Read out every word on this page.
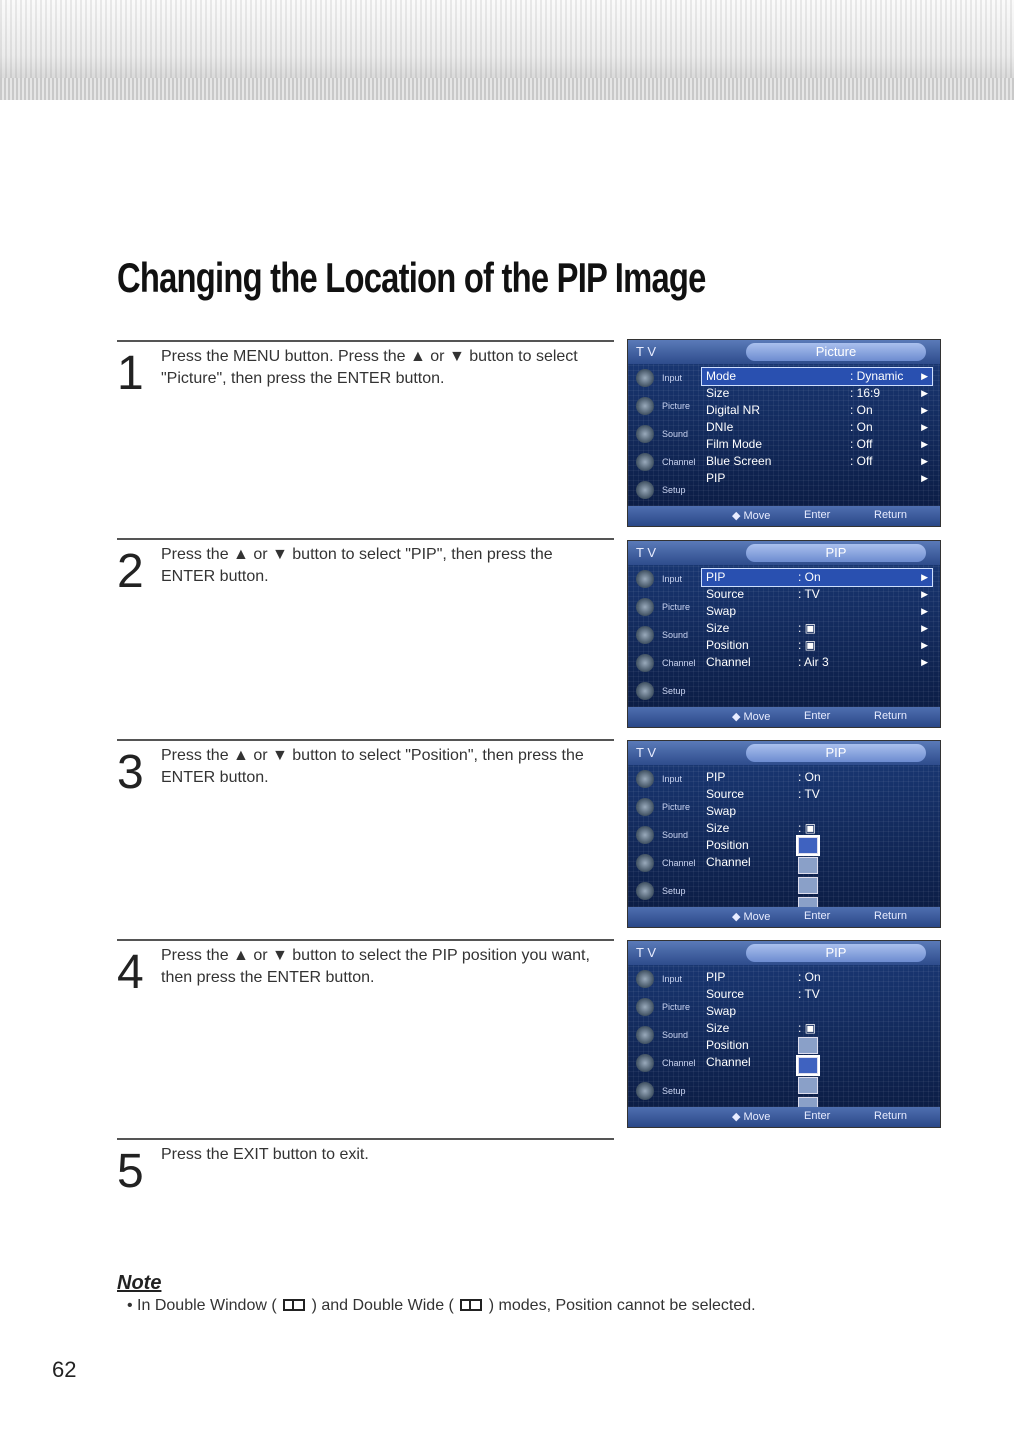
Changing the Location of the PIP Image
1 Press the MENU button. Press the ▲ or ▼ button to select "Picture", then press the ENTER button.
2 Press the ▲ or ▼ button to select "PIP", then press the ENTER button.
3 Press the ▲ or ▼ button to select "Position", then press the ENTER button.
4 Press the ▲ or ▼ button to select the PIP position you want, then press the ENTER button.
5 Press the EXIT button to exit.
T V	Picture
Input
Picture
Sound
Channel
Setup
Mode	: Dynamic ▶
Size	: 16:9	▶
Digital NR	: On	▶
DNIe	: On	▶
Film Mode	: Off	▶
Blue Screen	: Off	▶
PIP	▶
◆ Move	Enter	Return
T V	PIP
Input
Picture
Sound
Channel
Setup
PIP	: On	▶
Source	: TV	▶
Swap	▶
Size	: ▣	▶
Position	: ▣	▶
Channel	: Air 3	▶
◆ Move	Enter	Return
T V	PIP
Input
Picture
Sound
Channel
Setup
PIP	: On
Source	: TV
Swap
Size	: ▣
Position
Channel
◆ Move	Enter	Return
T V	PIP
Input
Picture
Sound
Channel
Setup
PIP	: On
Source	: TV
Swap
Size	: ▣
Position
Channel
◆ Move	Enter	Return
Note
• In Double Window ( ) and Double Wide ( ) modes, Position cannot be selected.
62
